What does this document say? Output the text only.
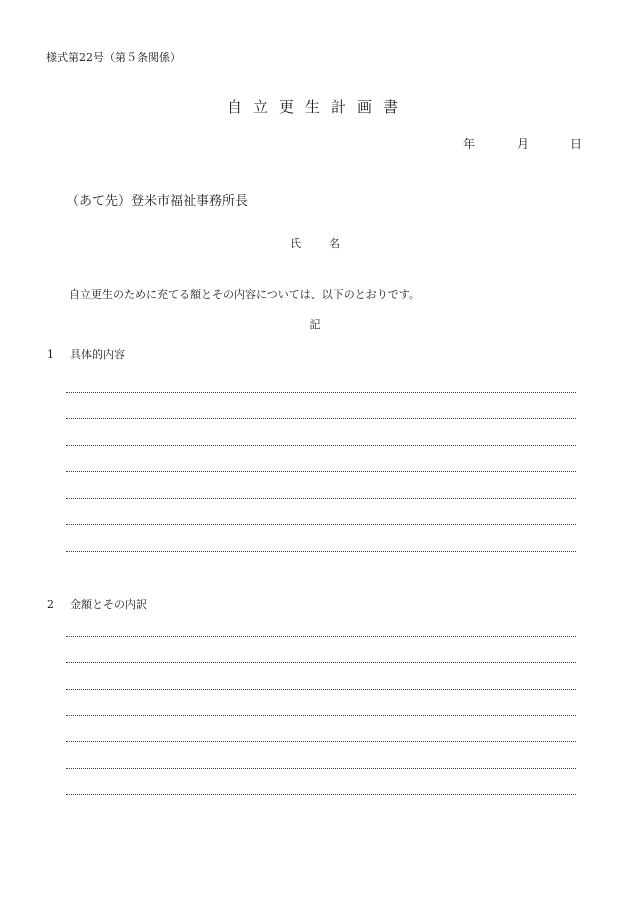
様式第22号（第５条関係）
自立更生計画書
年	月	日
（あて先）登米市福祉事務所長
氏	名
自立更生のために充てる額とその内容については、以下のとおりです。
記
1 具体的内容
2 金額とその内訳
